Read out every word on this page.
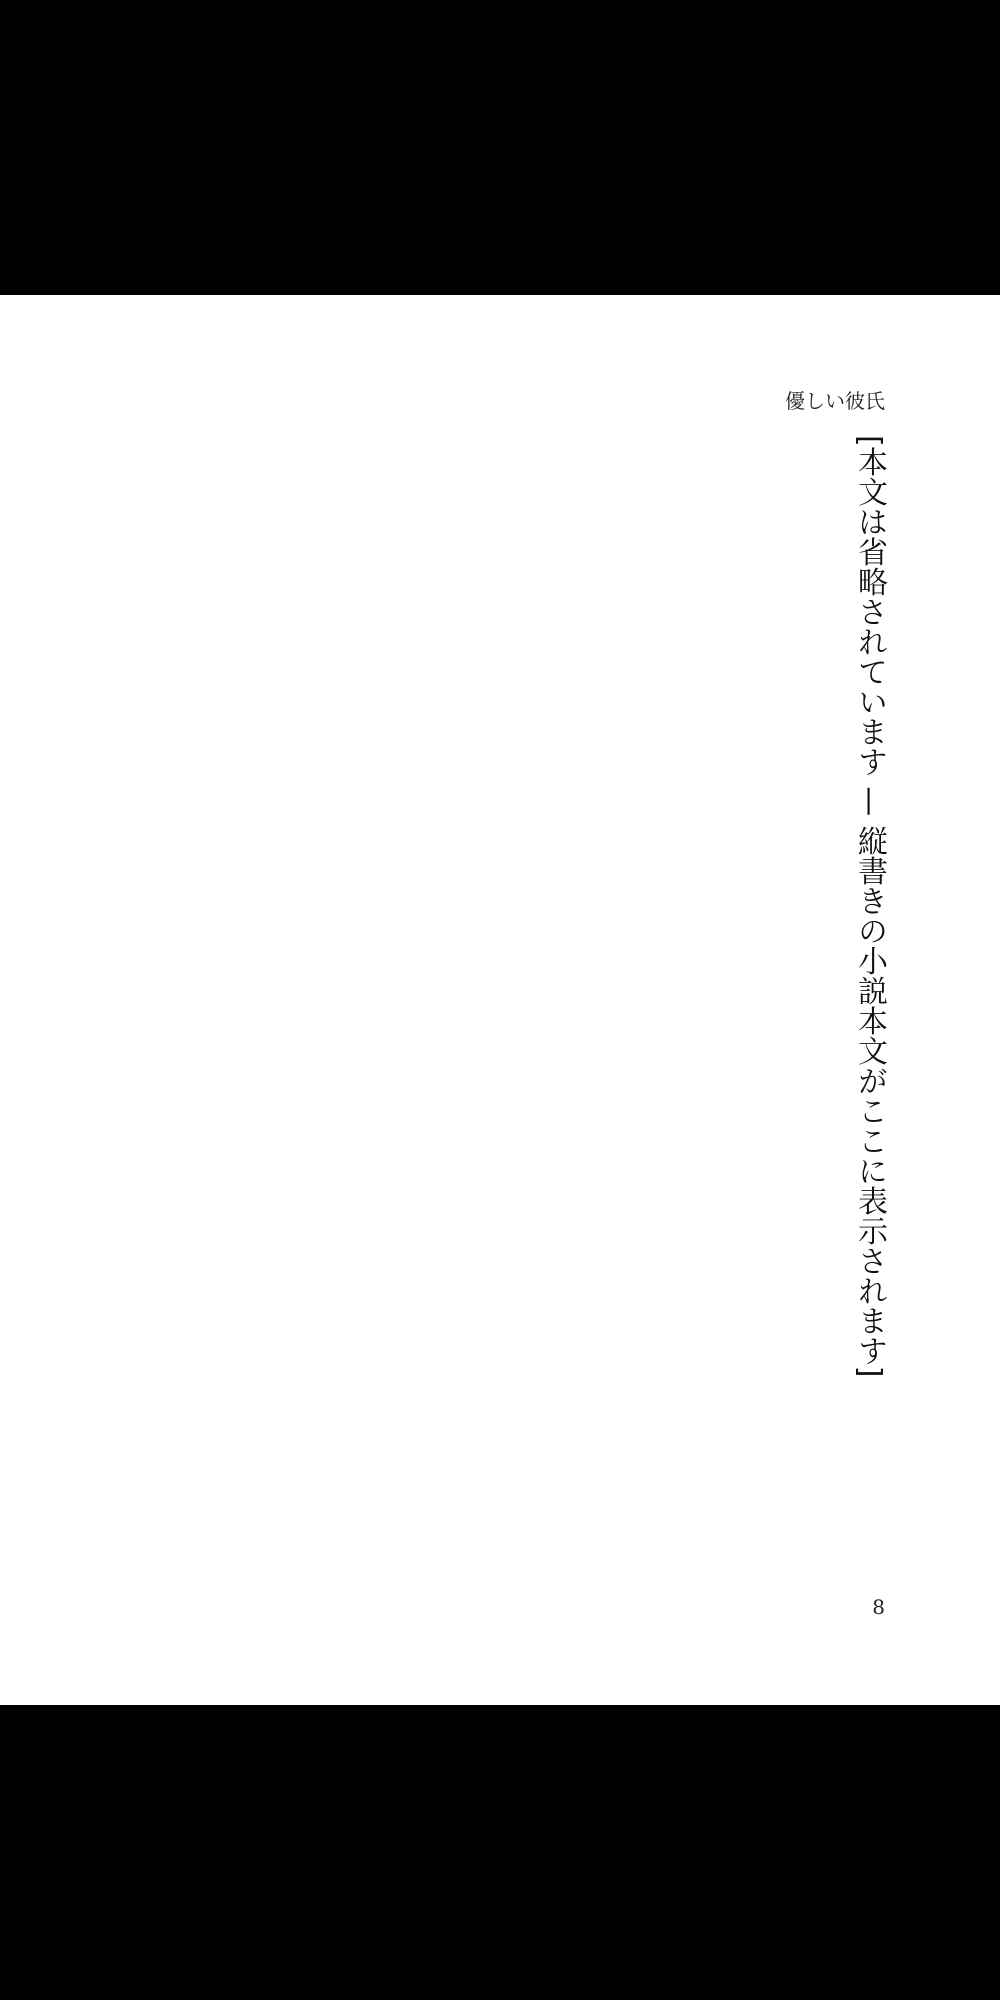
優しい彼氏
[本文は省略されています — 縦書きの小説本文がここに表示されます]
8
